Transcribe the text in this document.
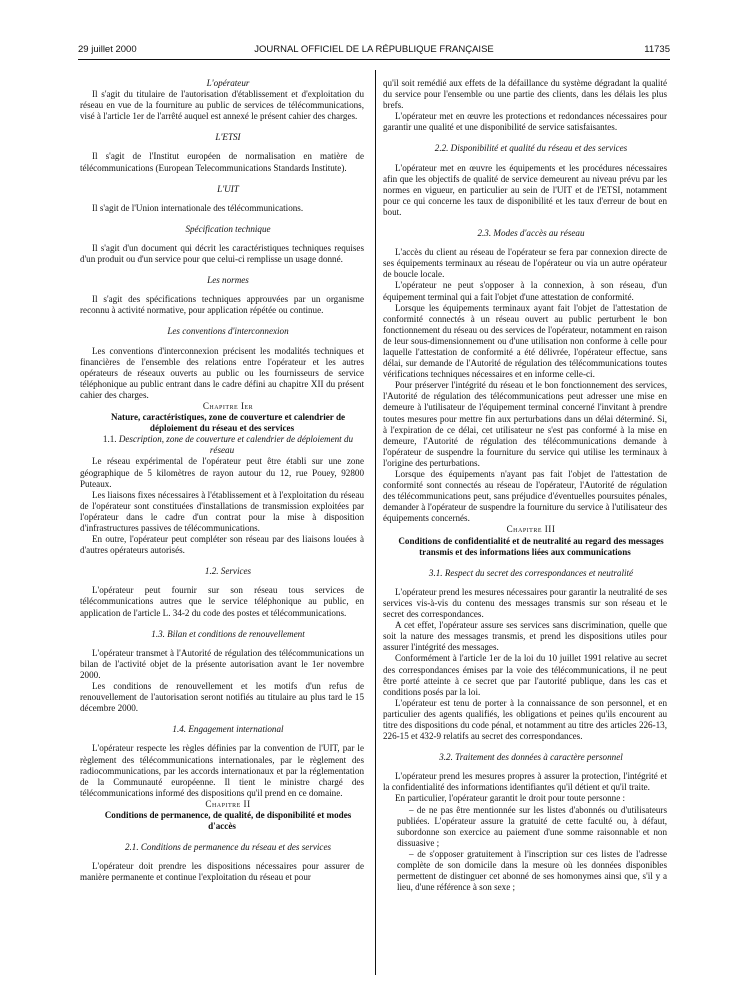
29 juillet 2000	JOURNAL OFFICIEL DE LA RÉPUBLIQUE FRANÇAISE	11735

L'opérateur

Il s'agit du titulaire de l'autorisation d'établissement et d'exploitation du réseau en vue de la fourniture au public de services de télécommunications, visé à l'article 1er de l'arrêté auquel est annexé le présent cahier des charges.

L'ETSI

Il s'agit de l'Institut européen de normalisation en matière de télécommunications (European Telecommunications Standards Institute).

L'UIT

Il s'agit de l'Union internationale des télécommunications.

Spécification technique

Il s'agit d'un document qui décrit les caractéristiques techniques requises d'un produit ou d'un service pour que celui-ci remplisse un usage donné.

Les normes

Il s'agit des spécifications techniques approuvées par un organisme reconnu à activité normative, pour application répétée ou continue.

Les conventions d'interconnexion

Les conventions d'interconnexion précisent les modalités techniques et financières de l'ensemble des relations entre l'opérateur et les autres opérateurs de réseaux ouverts au public ou les fournisseurs de service téléphonique au public entrant dans le cadre défini au chapitre XII du présent cahier des charges.

Chapitre Ier

Nature, caractéristiques, zone de couverture et calendrier de déploiement du réseau et des services

1.1. Description, zone de couverture et calendrier de déploiement du réseau

Le réseau expérimental de l'opérateur peut être établi sur une zone géographique de 5 kilomètres de rayon autour du 12, rue Pouey, 92800 Puteaux.

Les liaisons fixes nécessaires à l'établissement et à l'exploitation du réseau de l'opérateur sont constituées d'installations de transmission exploitées par l'opérateur dans le cadre d'un contrat pour la mise à disposition d'infrastructures passives de télécommunications.

En outre, l'opérateur peut compléter son réseau par des liaisons louées à d'autres opérateurs autorisés.

1.2. Services

L'opérateur peut fournir sur son réseau tous services de télécommunications autres que le service téléphonique au public, en application de l'article L. 34-2 du code des postes et télécommunications.

1.3. Bilan et conditions de renouvellement

L'opérateur transmet à l'Autorité de régulation des télécommunications un bilan de l'activité objet de la présente autorisation avant le 1er novembre 2000.

Les conditions de renouvellement et les motifs d'un refus de renouvellement de l'autorisation seront notifiés au titulaire au plus tard le 15 décembre 2000.

1.4. Engagement international

L'opérateur respecte les règles définies par la convention de l'UIT, par le règlement des télécommunications internationales, par le règlement des radiocommunications, par les accords internationaux et par la réglementation de la Communauté européenne. Il tient le ministre chargé des télécommunications informé des dispositions qu'il prend en ce domaine.

Chapitre II

Conditions de permanence, de qualité, de disponibilité et modes d'accès

2.1. Conditions de permanence du réseau et des services

L'opérateur doit prendre les dispositions nécessaires pour assurer de manière permanente et continue l'exploitation du réseau et pour

qu'il soit remédié aux effets de la défaillance du système dégradant la qualité du service pour l'ensemble ou une partie des clients, dans les délais les plus brefs.

L'opérateur met en œuvre les protections et redondances nécessaires pour garantir une qualité et une disponibilité de service satisfaisantes.

2.2. Disponibilité et qualité du réseau et des services

L'opérateur met en œuvre les équipements et les procédures nécessaires afin que les objectifs de qualité de service demeurent au niveau prévu par les normes en vigueur, en particulier au sein de l'UIT et de l'ETSI, notamment pour ce qui concerne les taux de disponibilité et les taux d'erreur de bout en bout.

2.3. Modes d'accès au réseau

L'accès du client au réseau de l'opérateur se fera par connexion directe de ses équipements terminaux au réseau de l'opérateur ou via un autre opérateur de boucle locale.

L'opérateur ne peut s'opposer à la connexion, à son réseau, d'un équipement terminal qui a fait l'objet d'une attestation de conformité.

Lorsque les équipements terminaux ayant fait l'objet de l'attestation de conformité connectés à un réseau ouvert au public perturbent le bon fonctionnement du réseau ou des services de l'opérateur, notamment en raison de leur sous-dimensionnement ou d'une utilisation non conforme à celle pour laquelle l'attestation de conformité a été délivrée, l'opérateur effectue, sans délai, sur demande de l'Autorité de régulation des télécommunications toutes vérifications techniques nécessaires et en informe celle-ci.

Pour préserver l'intégrité du réseau et le bon fonctionnement des services, l'Autorité de régulation des télécommunications peut adresser une mise en demeure à l'utilisateur de l'équipement terminal concerné l'invitant à prendre toutes mesures pour mettre fin aux perturbations dans un délai déterminé. Si, à l'expiration de ce délai, cet utilisateur ne s'est pas conformé à la mise en demeure, l'Autorité de régulation des télécommunications demande à l'opérateur de suspendre la fourniture du service qui utilise les terminaux à l'origine des perturbations.

Lorsque des équipements n'ayant pas fait l'objet de l'attestation de conformité sont connectés au réseau de l'opérateur, l'Autorité de régulation des télécommunications peut, sans préjudice d'éventuelles poursuites pénales, demander à l'opérateur de suspendre la fourniture du service à l'utilisateur des équipements concernés.

Chapitre III

Conditions de confidentialité et de neutralité au regard des messages transmis et des informations liées aux communications

3.1. Respect du secret des correspondances et neutralité

L'opérateur prend les mesures nécessaires pour garantir la neutralité de ses services vis-à-vis du contenu des messages transmis sur son réseau et le secret des correspondances.

A cet effet, l'opérateur assure ses services sans discrimination, quelle que soit la nature des messages transmis, et prend les dispositions utiles pour assurer l'intégrité des messages.

Conformément à l'article 1er de la loi du 10 juillet 1991 relative au secret des correspondances émises par la voie des télécommunications, il ne peut être porté atteinte à ce secret que par l'autorité publique, dans les cas et conditions posés par la loi.

L'opérateur est tenu de porter à la connaissance de son personnel, et en particulier des agents qualifiés, les obligations et peines qu'ils encourent au titre des dispositions du code pénal, et notamment au titre des articles 226-13, 226-15 et 432-9 relatifs au secret des correspondances.

3.2. Traitement des données à caractère personnel

L'opérateur prend les mesures propres à assurer la protection, l'intégrité et la confidentialité des informations identifiantes qu'il détient et qu'il traite.

En particulier, l'opérateur garantit le droit pour toute personne :

– de ne pas être mentionnée sur les listes d'abonnés ou d'utilisateurs publiées. L'opérateur assure la gratuité de cette faculté ou, à défaut, subordonne son exercice au paiement d'une somme raisonnable et non dissuasive ;

– de s'opposer gratuitement à l'inscription sur ces listes de l'adresse complète de son domicile dans la mesure où les données disponibles permettent de distinguer cet abonné de ses homonymes ainsi que, s'il y a lieu, d'une référence à son sexe ;
